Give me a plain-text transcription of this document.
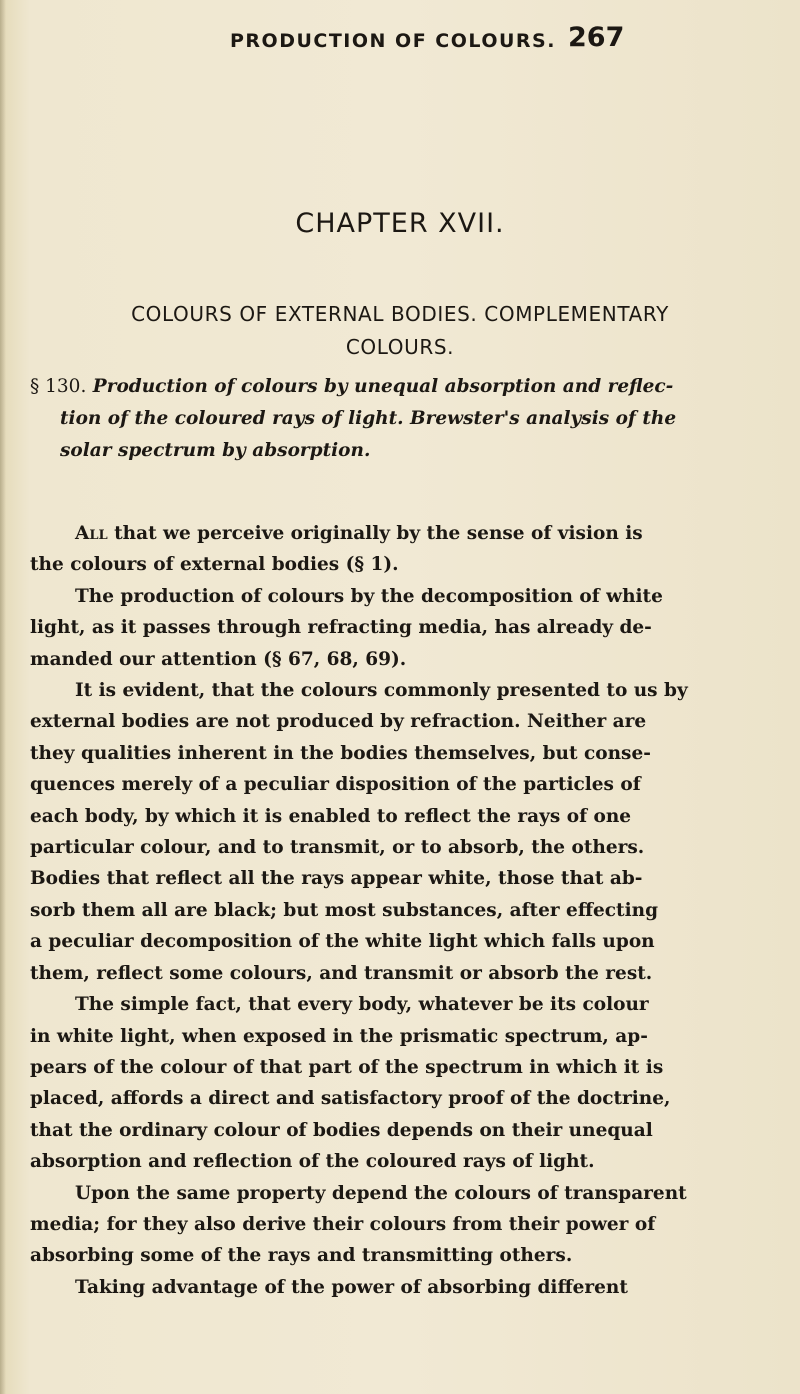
PRODUCTION OF COLOURS. 267
CHAPTER XVII.
COLOURS OF EXTERNAL BODIES. COMPLEMENTARY
COLOURS.
§ 130. Production of colours by unequal absorption and reflec-
tion of the coloured rays of light. Brewster's analysis of the
solar spectrum by absorption.
All that we perceive originally by the sense of vision is
the colours of external bodies (§ 1).
The production of colours by the decomposition of white
light, as it passes through refracting media, has already de-
manded our attention (§ 67, 68, 69).
It is evident, that the colours commonly presented to us by
external bodies are not produced by refraction. Neither are
they qualities inherent in the bodies themselves, but conse-
quences merely of a peculiar disposition of the particles of
each body, by which it is enabled to reflect the rays of one
particular colour, and to transmit, or to absorb, the others.
Bodies that reflect all the rays appear white, those that ab-
sorb them all are black; but most substances, after effecting
a peculiar decomposition of the white light which falls upon
them, reflect some colours, and transmit or absorb the rest.
The simple fact, that every body, whatever be its colour
in white light, when exposed in the prismatic spectrum, ap-
pears of the colour of that part of the spectrum in which it is
placed, affords a direct and satisfactory proof of the doctrine,
that the ordinary colour of bodies depends on their unequal
absorption and reflection of the coloured rays of light.
Upon the same property depend the colours of transparent
media; for they also derive their colours from their power of
absorbing some of the rays and transmitting others.
Taking advantage of the power of absorbing different
